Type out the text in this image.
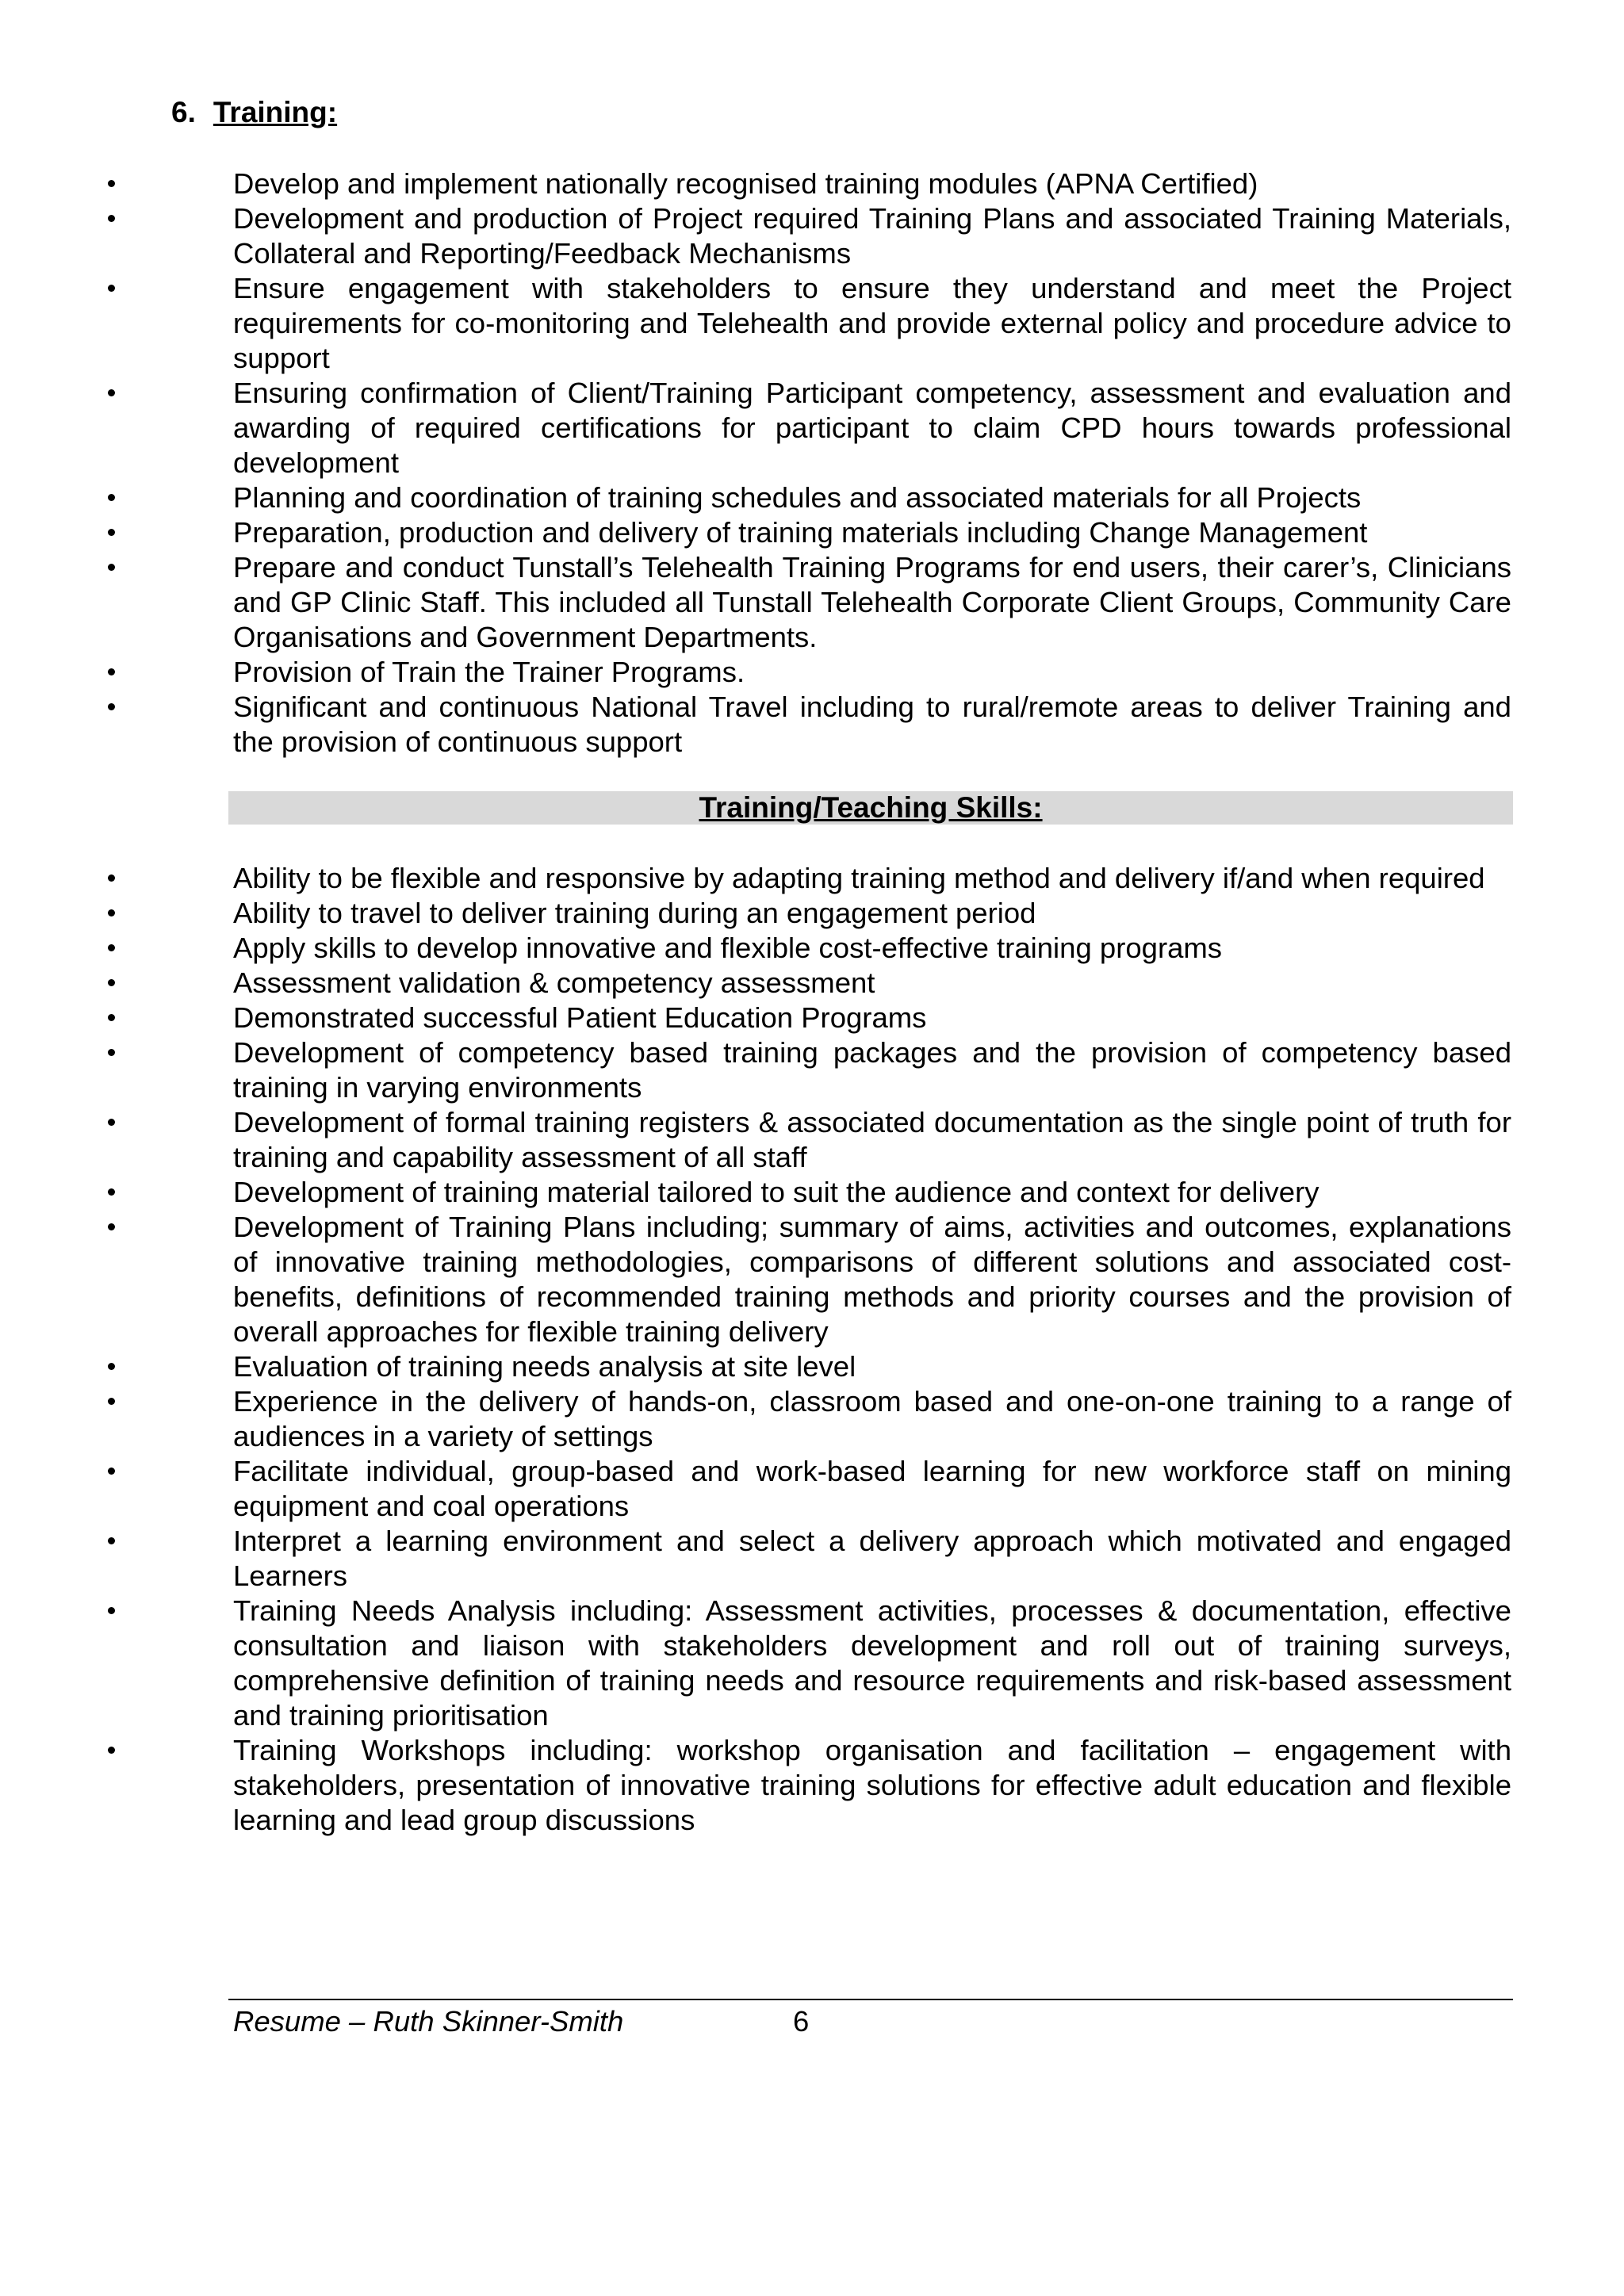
6. Training:
Develop and implement nationally recognised training modules (APNA Certified)
Development and production of Project required Training Plans and associated Training Materials, Collateral and Reporting/Feedback Mechanisms
Ensure engagement with stakeholders to ensure they understand and meet the Project requirements for co-monitoring and Telehealth and provide external policy and procedure advice to support
Ensuring confirmation of Client/Training Participant competency, assessment and evaluation and awarding of required certifications for participant to claim CPD hours towards professional development
Planning and coordination of training schedules and associated materials for all Projects
Preparation, production and delivery of training materials including Change Management
Prepare and conduct Tunstall’s Telehealth Training Programs for end users, their carer’s, Clinicians and GP Clinic Staff. This included all Tunstall Telehealth Corporate Client Groups, Community Care Organisations and Government Departments.
Provision of Train the Trainer Programs.
Significant and continuous National Travel including to rural/remote areas to deliver Training and the provision of continuous support
Training/Teaching Skills:
Ability to be flexible and responsive by adapting training method and delivery if/and when required
Ability to travel to deliver training during an engagement period
Apply skills to develop innovative and flexible cost-effective training programs
Assessment validation & competency assessment
Demonstrated successful Patient Education Programs
Development of competency based training packages and the provision of competency based training in varying environments
Development of formal training registers & associated documentation as the single point of truth for training and capability assessment of all staff
Development of training material tailored to suit the audience and context for delivery
Development of Training Plans including; summary of aims, activities and outcomes, explanations of innovative training methodologies, comparisons of different solutions and associated cost-benefits, definitions of recommended training methods and priority courses and the provision of overall approaches for flexible training delivery
Evaluation of training needs analysis at site level
Experience in the delivery of hands-on, classroom based and one-on-one training to a range of audiences in a variety of settings
Facilitate individual, group-based and work-based learning for new workforce staff on mining equipment and coal operations
Interpret a learning environment and select a delivery approach which motivated and engaged Learners
Training Needs Analysis including: Assessment activities, processes & documentation, effective consultation and liaison with stakeholders development and roll out of training surveys, comprehensive definition of training needs and resource requirements and risk-based assessment and training prioritisation
Training Workshops including: workshop organisation and facilitation – engagement with stakeholders, presentation of innovative training solutions for effective adult education and flexible learning and lead group discussions
Resume – Ruth Skinner-Smith	6
